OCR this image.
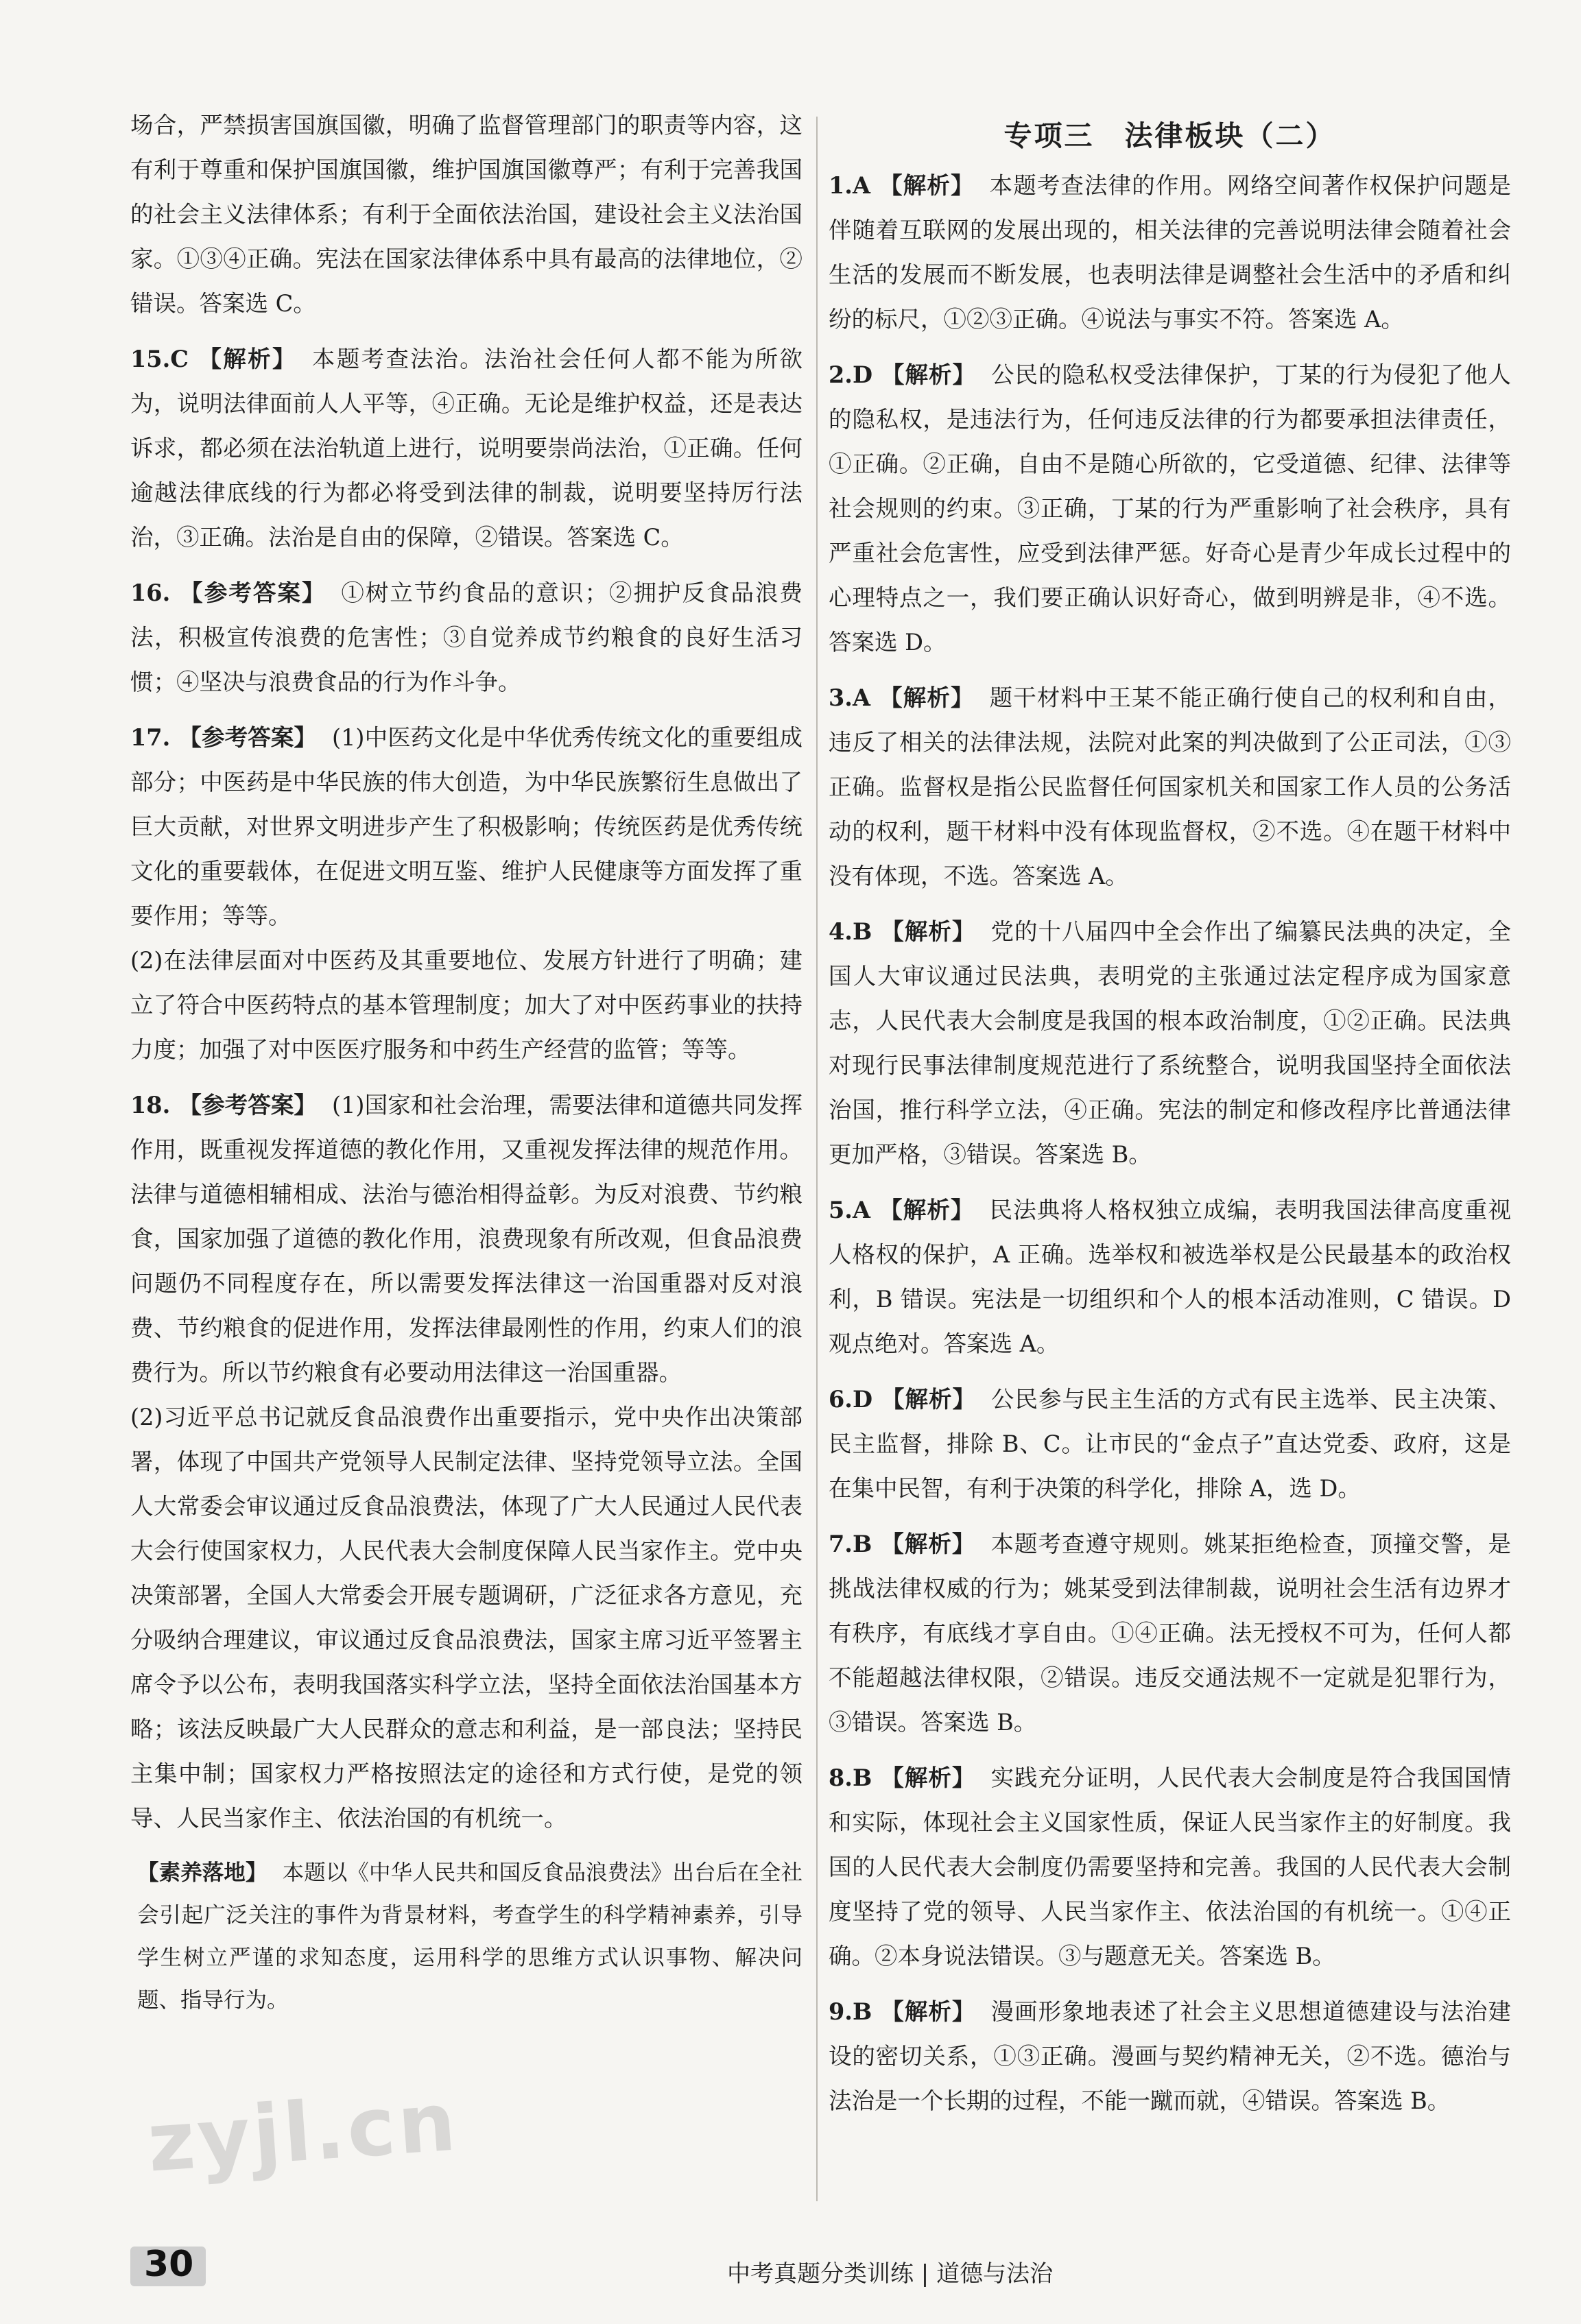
场合，严禁损害国旗国徽，明确了监督管理部门的职责等内容，这有利于尊重和保护国旗国徽，维护国旗国徽尊严；有利于完善我国的社会主义法律体系；有利于全面依法治国，建设社会主义法治国家。①③④正确。宪法在国家法律体系中具有最高的法律地位，②错误。答案选 C。

15.C 【解析】 本题考查法治。法治社会任何人都不能为所欲为，说明法律面前人人平等，④正确。无论是维护权益，还是表达诉求，都必须在法治轨道上进行，说明要崇尚法治，①正确。任何逾越法律底线的行为都必将受到法律的制裁，说明要坚持厉行法治，③正确。法治是自由的保障，②错误。答案选 C。

16. 【参考答案】 ①树立节约食品的意识；②拥护反食品浪费法，积极宣传浪费的危害性；③自觉养成节约粮食的良好生活习惯；④坚决与浪费食品的行为作斗争。

17. 【参考答案】 (1)中医药文化是中华优秀传统文化的重要组成部分；中医药是中华民族的伟大创造，为中华民族繁衍生息做出了巨大贡献，对世界文明进步产生了积极影响；传统医药是优秀传统文化的重要载体，在促进文明互鉴、维护人民健康等方面发挥了重要作用；等等。

(2)在法律层面对中医药及其重要地位、发展方针进行了明确；建立了符合中医药特点的基本管理制度；加大了对中医药事业的扶持力度；加强了对中医医疗服务和中药生产经营的监管；等等。

18. 【参考答案】 (1)国家和社会治理，需要法律和道德共同发挥作用，既重视发挥道德的教化作用，又重视发挥法律的规范作用。法律与道德相辅相成、法治与德治相得益彰。为反对浪费、节约粮食，国家加强了道德的教化作用，浪费现象有所改观，但食品浪费问题仍不同程度存在，所以需要发挥法律这一治国重器对反对浪费、节约粮食的促进作用，发挥法律最刚性的作用，约束人们的浪费行为。所以节约粮食有必要动用法律这一治国重器。

(2)习近平总书记就反食品浪费作出重要指示，党中央作出决策部署，体现了中国共产党领导人民制定法律、坚持党领导立法。全国人大常委会审议通过反食品浪费法，体现了广大人民通过人民代表大会行使国家权力，人民代表大会制度保障人民当家作主。党中央决策部署，全国人大常委会开展专题调研，广泛征求各方意见，充分吸纳合理建议，审议通过反食品浪费法，国家主席习近平签署主席令予以公布，表明我国落实科学立法，坚持全面依法治国基本方略；该法反映最广大人民群众的意志和利益，是一部良法；坚持民主集中制；国家权力严格按照法定的途径和方式行使，是党的领导、人民当家作主、依法治国的有机统一。

【素养落地】 本题以《中华人民共和国反食品浪费法》出台后在全社会引起广泛关注的事件为背景材料，考查学生的科学精神素养，引导学生树立严谨的求知态度，运用科学的思维方式认识事物、解决问题、指导行为。

专项三　法律板块（二）

1.A 【解析】 本题考查法律的作用。网络空间著作权保护问题是伴随着互联网的发展出现的，相关法律的完善说明法律会随着社会生活的发展而不断发展，也表明法律是调整社会生活中的矛盾和纠纷的标尺，①②③正确。④说法与事实不符。答案选 A。

2.D 【解析】 公民的隐私权受法律保护，丁某的行为侵犯了他人的隐私权，是违法行为，任何违反法律的行为都要承担法律责任，①正确。②正确，自由不是随心所欲的，它受道德、纪律、法律等社会规则的约束。③正确，丁某的行为严重影响了社会秩序，具有严重社会危害性，应受到法律严惩。好奇心是青少年成长过程中的心理特点之一，我们要正确认识好奇心，做到明辨是非，④不选。答案选 D。

3.A 【解析】 题干材料中王某不能正确行使自己的权利和自由，违反了相关的法律法规，法院对此案的判决做到了公正司法，①③正确。监督权是指公民监督任何国家机关和国家工作人员的公务活动的权利，题干材料中没有体现监督权，②不选。④在题干材料中没有体现，不选。答案选 A。

4.B 【解析】 党的十八届四中全会作出了编纂民法典的决定，全国人大审议通过民法典，表明党的主张通过法定程序成为国家意志，人民代表大会制度是我国的根本政治制度，①②正确。民法典对现行民事法律制度规范进行了系统整合，说明我国坚持全面依法治国，推行科学立法，④正确。宪法的制定和修改程序比普通法律更加严格，③错误。答案选 B。

5.A 【解析】 民法典将人格权独立成编，表明我国法律高度重视人格权的保护，A 正确。选举权和被选举权是公民最基本的政治权利，B 错误。宪法是一切组织和个人的根本活动准则，C 错误。D 观点绝对。答案选 A。

6.D 【解析】 公民参与民主生活的方式有民主选举、民主决策、民主监督，排除 B、C。让市民的“金点子”直达党委、政府，这是在集中民智，有利于决策的科学化，排除 A，选 D。

7.B 【解析】 本题考查遵守规则。姚某拒绝检查，顶撞交警，是挑战法律权威的行为；姚某受到法律制裁，说明社会生活有边界才有秩序，有底线才享自由。①④正确。法无授权不可为，任何人都不能超越法律权限，②错误。违反交通法规不一定就是犯罪行为，③错误。答案选 B。

8.B 【解析】 实践充分证明，人民代表大会制度是符合我国国情和实际，体现社会主义国家性质，保证人民当家作主的好制度。我国的人民代表大会制度仍需要坚持和完善。我国的人民代表大会制度坚持了党的领导、人民当家作主、依法治国的有机统一。①④正确。②本身说法错误。③与题意无关。答案选 B。

9.B 【解析】 漫画形象地表述了社会主义思想道德建设与法治建设的密切关系，①③正确。漫画与契约精神无关，②不选。德治与法治是一个长期的过程，不能一蹴而就，④错误。答案选 B。

zyjl.cn
30	中考真题分类训练 | 道德与法治
